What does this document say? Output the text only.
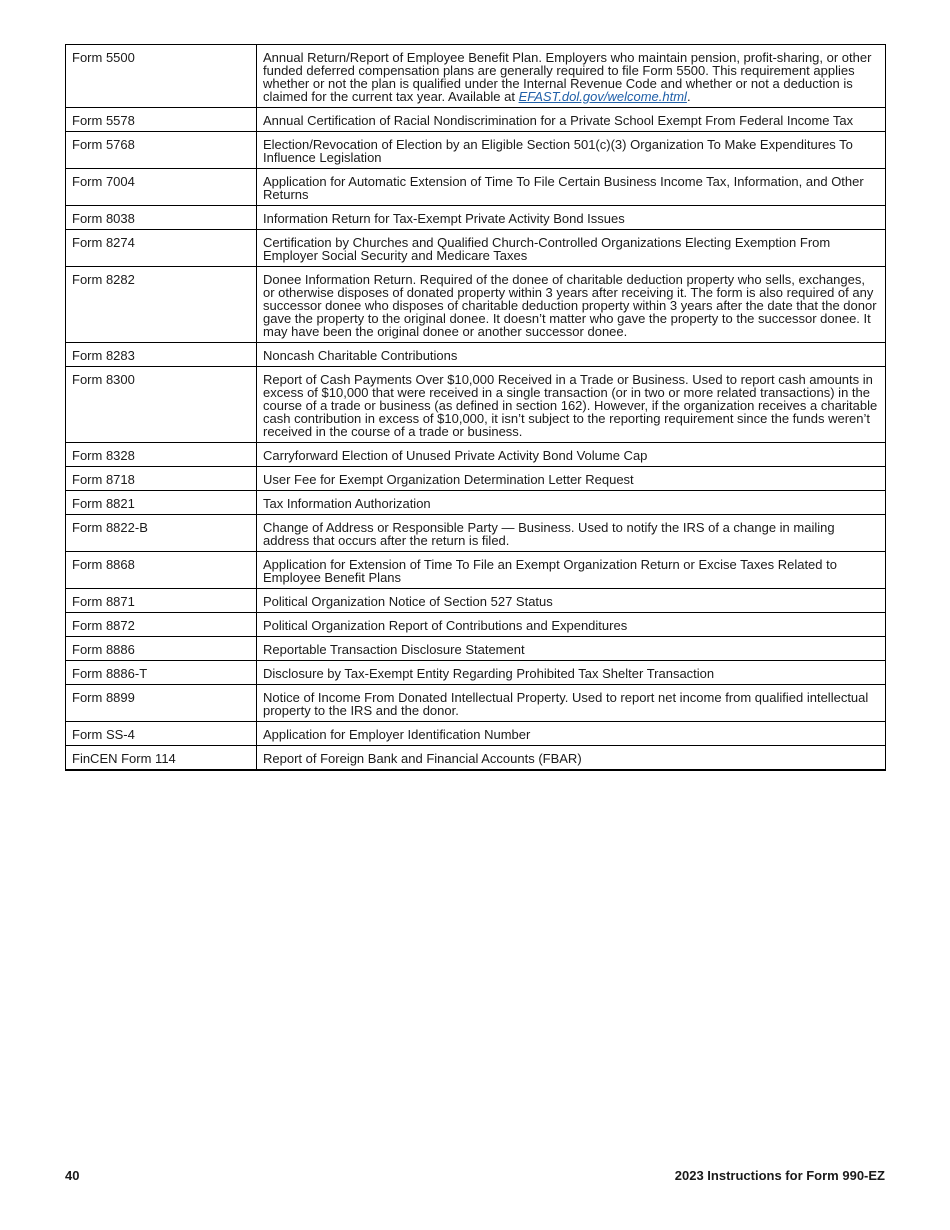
Form 5500	Annual Return/Report of Employee Benefit Plan. Employers who maintain pension, profit-sharing, or other funded deferred compensation plans are generally required to file Form 5500. This requirement applies whether or not the plan is qualified under the Internal Revenue Code and whether or not a deduction is claimed for the current tax year. Available at EFAST.dol.gov/welcome.html.
Form 5578	Annual Certification of Racial Nondiscrimination for a Private School Exempt From Federal Income Tax
Form 5768	Election/Revocation of Election by an Eligible Section 501(c)(3) Organization To Make Expenditures To Influence Legislation
Form 7004	Application for Automatic Extension of Time To File Certain Business Income Tax, Information, and Other Returns
Form 8038	Information Return for Tax-Exempt Private Activity Bond Issues
Form 8274	Certification by Churches and Qualified Church-Controlled Organizations Electing Exemption From Employer Social Security and Medicare Taxes
Form 8282	Donee Information Return. Required of the donee of charitable deduction property who sells, exchanges, or otherwise disposes of donated property within 3 years after receiving it. The form is also required of any successor donee who disposes of charitable deduction property within 3 years after the date that the donor gave the property to the original donee. It doesn’t matter who gave the property to the successor donee. It may have been the original donee or another successor donee.
Form 8283	Noncash Charitable Contributions
Form 8300	Report of Cash Payments Over $10,000 Received in a Trade or Business. Used to report cash amounts in excess of $10,000 that were received in a single transaction (or in two or more related transactions) in the course of a trade or business (as defined in section 162). However, if the organization receives a charitable cash contribution in excess of $10,000, it isn’t subject to the reporting requirement since the funds weren’t received in the course of a trade or business.
Form 8328	Carryforward Election of Unused Private Activity Bond Volume Cap
Form 8718	User Fee for Exempt Organization Determination Letter Request
Form 8821	Tax Information Authorization
Form 8822-B	Change of Address or Responsible Party — Business. Used to notify the IRS of a change in mailing address that occurs after the return is filed.
Form 8868	Application for Extension of Time To File an Exempt Organization Return or Excise Taxes Related to Employee Benefit Plans
Form 8871	Political Organization Notice of Section 527 Status
Form 8872	Political Organization Report of Contributions and Expenditures
Form 8886	Reportable Transaction Disclosure Statement
Form 8886-T	Disclosure by Tax-Exempt Entity Regarding Prohibited Tax Shelter Transaction
Form 8899	Notice of Income From Donated Intellectual Property. Used to report net income from qualified intellectual property to the IRS and the donor.
Form SS-4	Application for Employer Identification Number
FinCEN Form 114	Report of Foreign Bank and Financial Accounts (FBAR)
40	2023 Instructions for Form 990-EZ
